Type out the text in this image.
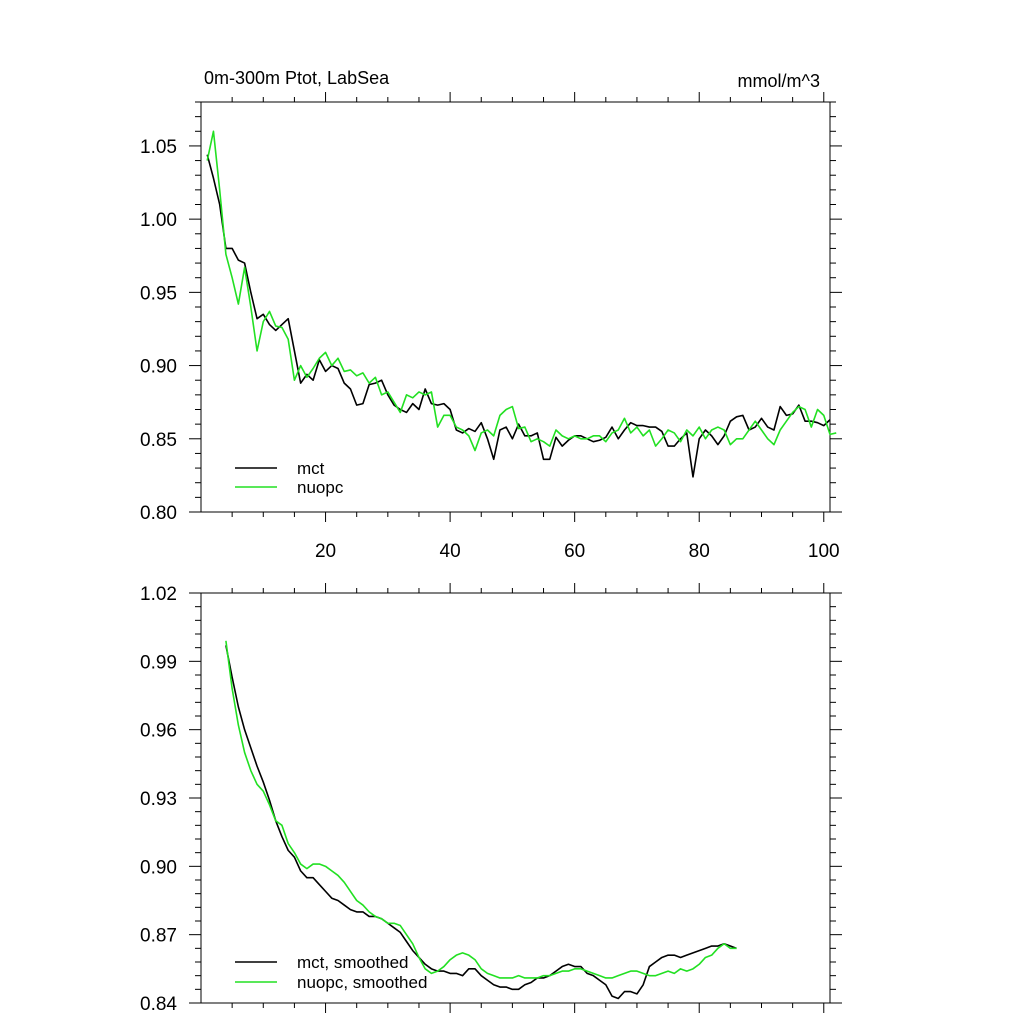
0m-300m Ptot, LabSea	mmol/m^3
20	40	60	80	100
0.80
0.85
0.90
0.95
1.00
1.05
mct
nuopc
0.84
0.87
0.90
0.93
0.96
0.99
1.02
mct, smoothed
nuopc, smoothed
